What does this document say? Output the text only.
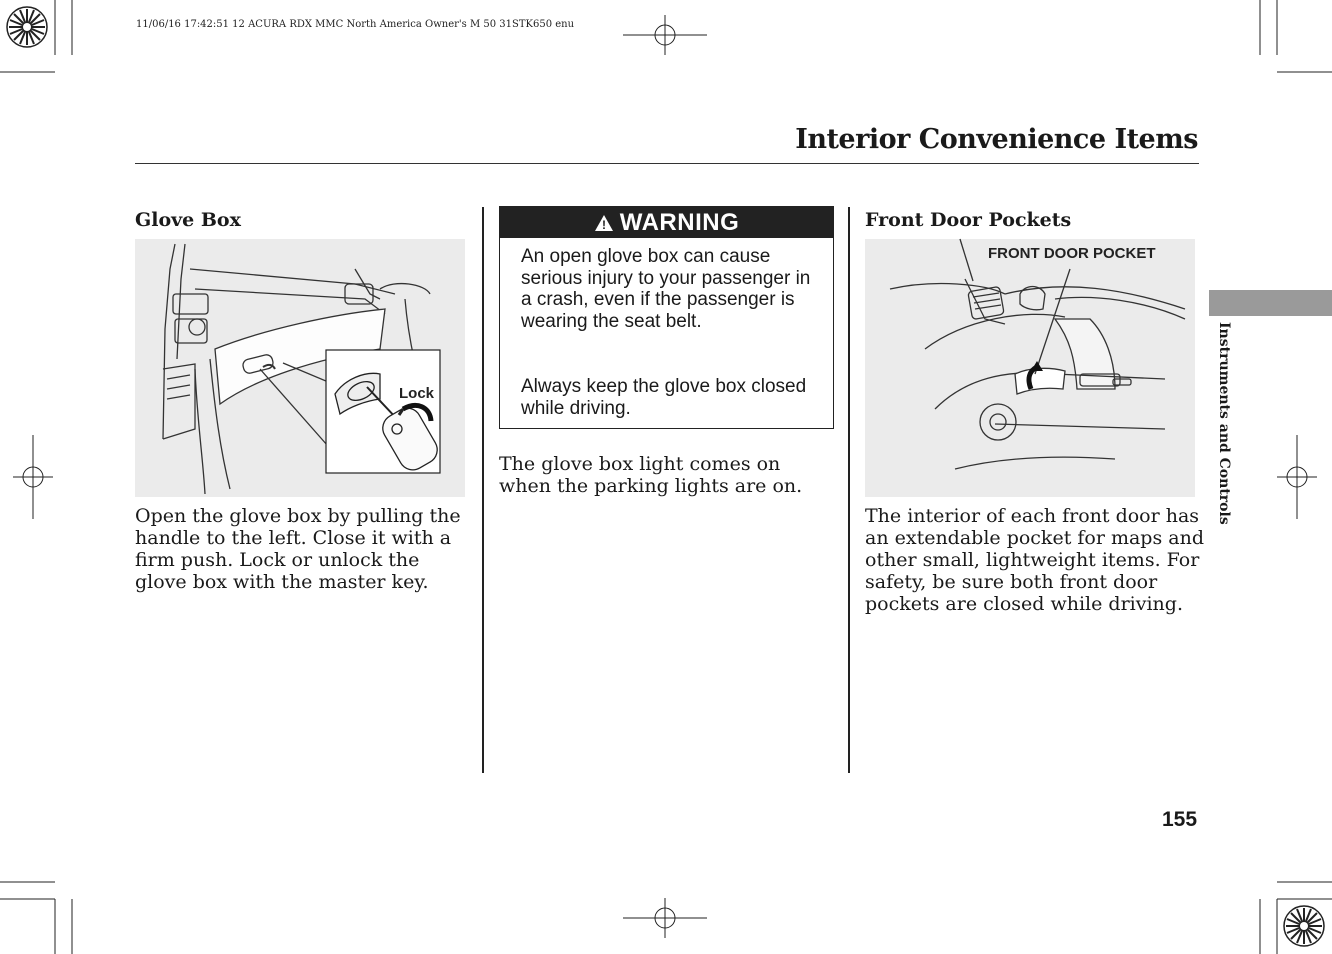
11/06/16 17:42:51 12 ACURA RDX MMC North America Owner's M 50 31STK650 enu
Interior Convenience Items
Glove Box
Lock
Open the glove box by pulling the handle to the left. Close it with a firm push. Lock or unlock the glove box with the master key.
! WARNING
An open glove box can cause serious injury to your passenger in a crash, even if the passenger is wearing the seat belt.
Always keep the glove box closed while driving.
The glove box light comes on when the parking lights are on.
Front Door Pockets
FRONT DOOR POCKET
The interior of each front door has an extendable pocket for maps and other small, lightweight items. For safety, be sure both front door pockets are closed while driving.
Instruments and Controls
155
